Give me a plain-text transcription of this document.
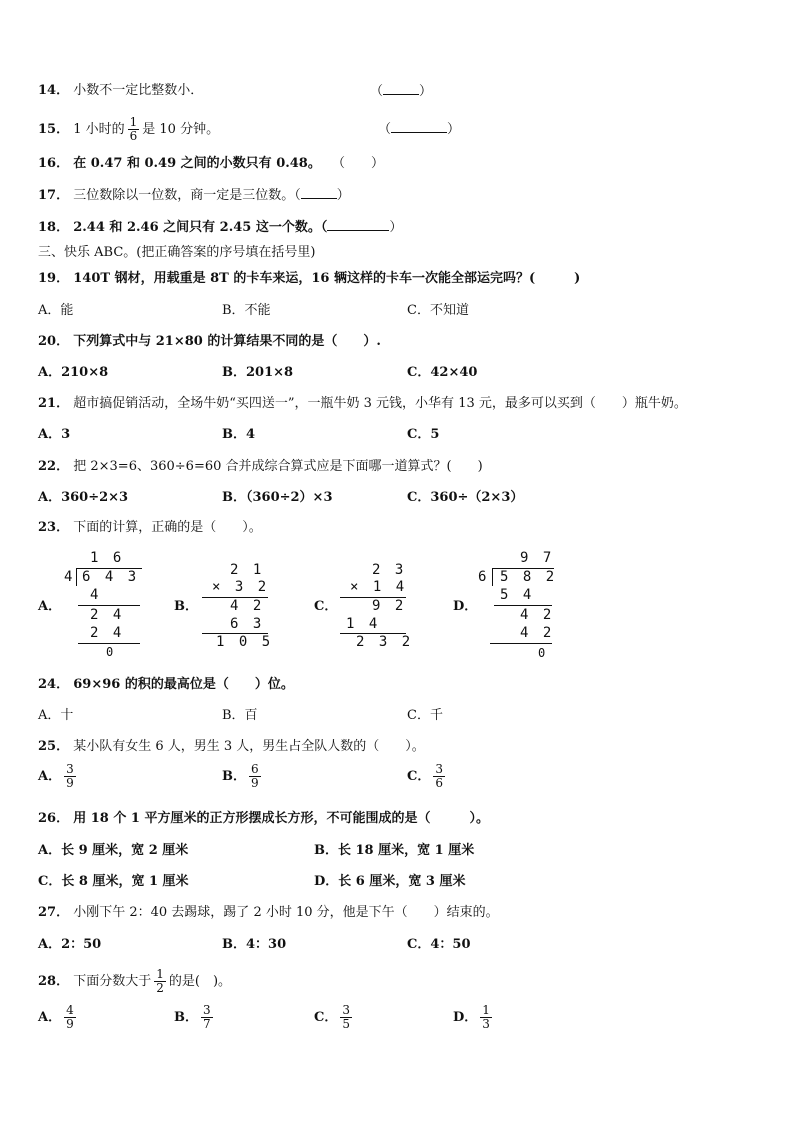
14． 小数不一定比整数小．	（	）
15． 1 小时的 $\frac{1}{6}$ 是 10 分钟。	（	）
16． 在 0.47 和 0.49 之间的小数只有 0.48。 （　　）
17． 三位数除以一位数，商一定是三位数。（	）
18． 2.44 和 2.46 之间只有 2.45 这一个数。（	）
三、快乐 ABC。(把正确答案的序号填在括号里)
19． 140T 钢材，用载重是 8T 的卡车来运，16 辆这样的卡车一次能全部运完吗？(　　　)
A．能	B．不能	C．不知道
20． 下列算式中与 21×80 的计算结果不同的是（　　）.
A．210×8	B．201×8	C．42×40
21． 超市搞促销活动，全场牛奶“买四送一”，一瓶牛奶 3 元钱，小华有 13 元，最多可以买到（　　）瓶牛奶。
A．3	B．4	C．5
22． 把 2×3=6、360÷6=60 合并成综合算式应是下面哪一道算式？(　　)
A．360÷2×3	B．（360÷2）×3	C．360÷（2×3）
23． 下面的计算，正确的是（　　）。
A．
1 6
4 6 4 3
4
2 4
2 4
0
B．
2 1
× 3 2
4 2
6 3
1 0 5
C．
2 3
× 1 4
9 2
1 4
2 3 2
D．
9 7
6 5 8 2
5 4
4 2
4 2
0
24． 69×96 的积的最高位是（　　）位。
A．十	B．百	C．千
25． 某小队有女生 6 人，男生 3 人，男生占全队人数的（　　）。
A． $\frac{3}{9}$	B． $\frac{6}{9}$	C． $\frac{3}{6}$
26． 用 18 个 1 平方厘米的正方形摆成长方形，不可能围成的是（　　　）。
A．长 9 厘米，宽 2 厘米	B．长 18 厘米，宽 1 厘米
C．长 8 厘米，宽 1 厘米	D．长 6 厘米，宽 3 厘米
27． 小刚下午 2：40 去踢球，踢了 2 小时 10 分，他是下午（　　）结束的。
A．2：50	B．4：30	C．4：50
28． 下面分数大于 $\frac{1}{2}$ 的是(　)。
A． $\frac{4}{9}$	B． $\frac{3}{7}$	C． $\frac{3}{5}$	D． $\frac{1}{3}$
